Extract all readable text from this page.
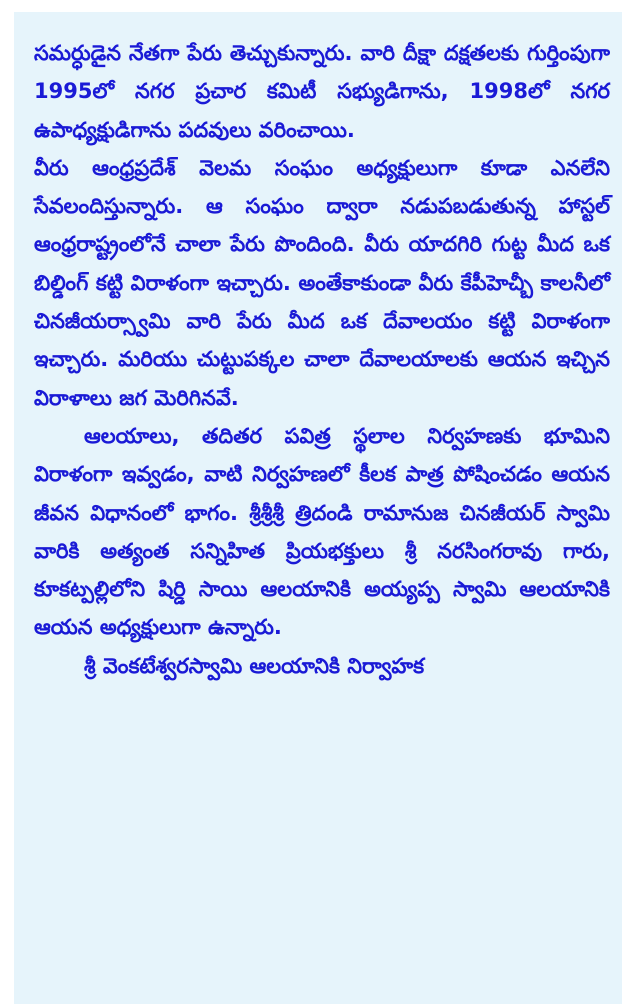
సమర్ధుడైన నేతగా పేరు తెచ్చుకున్నారు. వారి దీక్షా దక్షతలకు గుర్తింపుగా 1995లో నగర ప్రచార కమిటీ సభ్యుడిగాను, 1998లో నగర ఉపాధ్యక్షుడిగాను పదవులు వరించాయి.

వీరు ఆంధ్రప్రదేశ్ వెలమ సంఘం అధ్యక్షులుగా కూడా ఎనలేని సేవలందిస్తున్నారు. ఆ సంఘం ద్వారా నడుపబడుతున్న హాస్టల్ ఆంధ్రరాష్ట్రంలోనే చాలా పేరు పొందింది. వీరు యాదగిరి గుట్ట మీద ఒక బిల్డింగ్ కట్టి విరాళంగా ఇచ్చారు. అంతేకాకుండా వీరు కేపీహెచ్బీ కాలనీలో చినజీయర్స్వామి వారి పేరు మీద ఒక దేవాలయం కట్టి విరాళంగా ఇచ్చారు. మరియు చుట్టుపక్కల చాలా దేవాలయాలకు ఆయన ఇచ్చిన విరాళాలు జగ మెరిగినవే.

ఆలయాలు, తదితర పవిత్ర స్థలాల నిర్వహణకు భూమిని విరాళంగా ఇవ్వడం, వాటి నిర్వహణలో కీలక పాత్ర పోషించడం ఆయన జీవన విధానంలో భాగం. శ్రీశ్రీశ్రీ త్రిదండి రామానుజ చినజీయర్ స్వామి వారికి అత్యంత సన్నిహిత ప్రియభక్తులు శ్రీ నరసింగరావు గారు, కూకట్పల్లిలోని షిర్డి సాయి ఆలయానికి అయ్యప్ప స్వామి ఆలయానికి ఆయన అధ్యక్షులుగా ఉన్నారు.

శ్రీ వెంకటేశ్వరస్వామి ఆలయానికి నిర్వాహక
